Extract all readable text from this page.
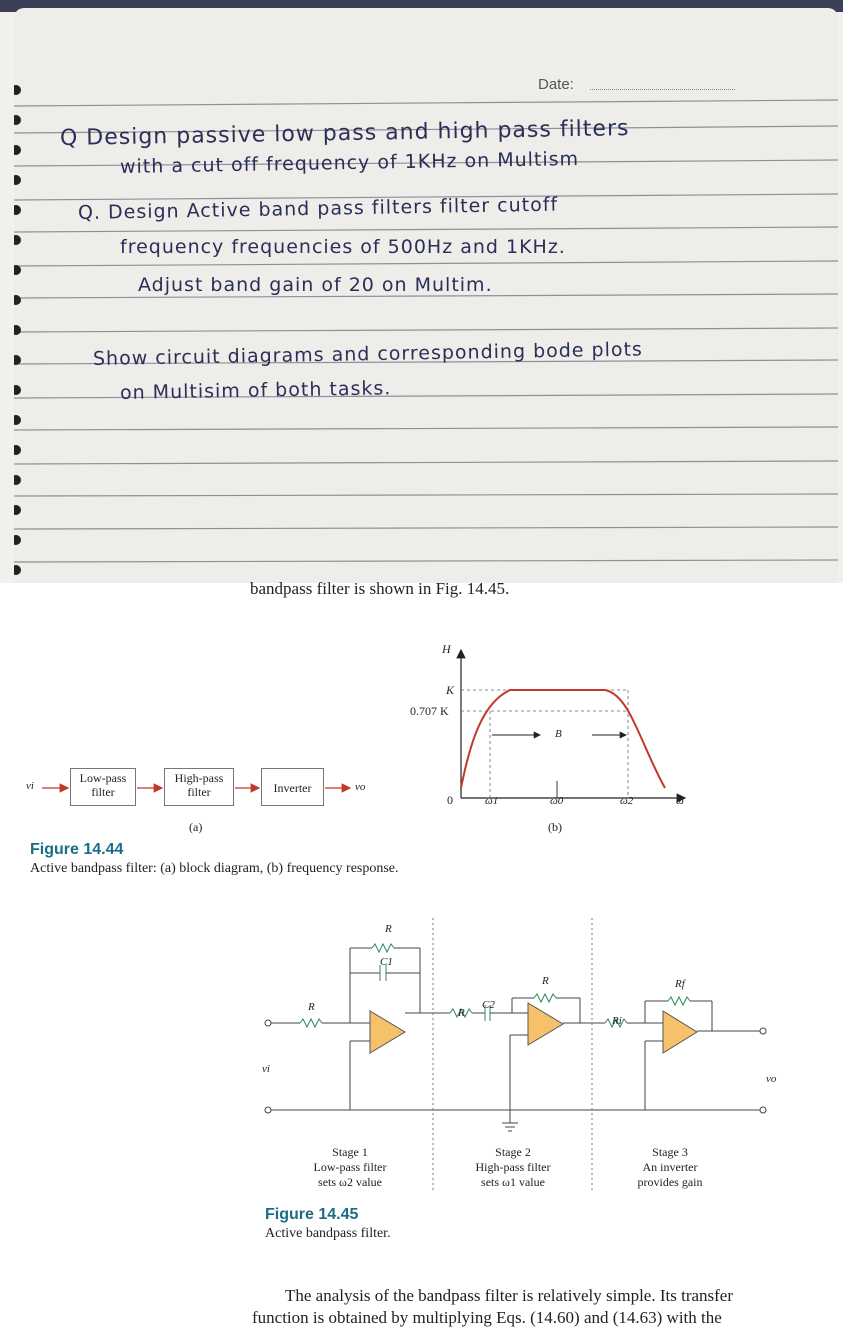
Date:
Q Design passive low pass and high pass filters
with a cut off frequency of 1KHz on Multism
Q. Design Active band pass filters filter cutoff
frequency frequencies of 500Hz and 1KHz.
Adjust band gain of 20 on Multim.
Show circuit diagrams and corresponding bode plots
on Multisim of both tasks.
bandpass filter is shown in Fig. 14.45.
Low-pass filter
High-pass filter	Inverter
vi	vo
(a)	(b)
H
K
0.707 K
0
B
ω1	ω0	ω2	ω
Figure 14.44
Active bandpass filter: (a) block diagram, (b) frequency response.
R
C1
R	R
C2
R
Ri
Rf
vi
vo
Stage 1
Low-pass filter
sets ω2 value
Stage 2
High-pass filter
sets ω1 value
Stage 3
An inverter
provides gain
Figure 14.45
Active bandpass filter.
The analysis of the bandpass filter is relatively simple. Its transfer
function is obtained by multiplying Eqs. (14.60) and (14.63) with the
